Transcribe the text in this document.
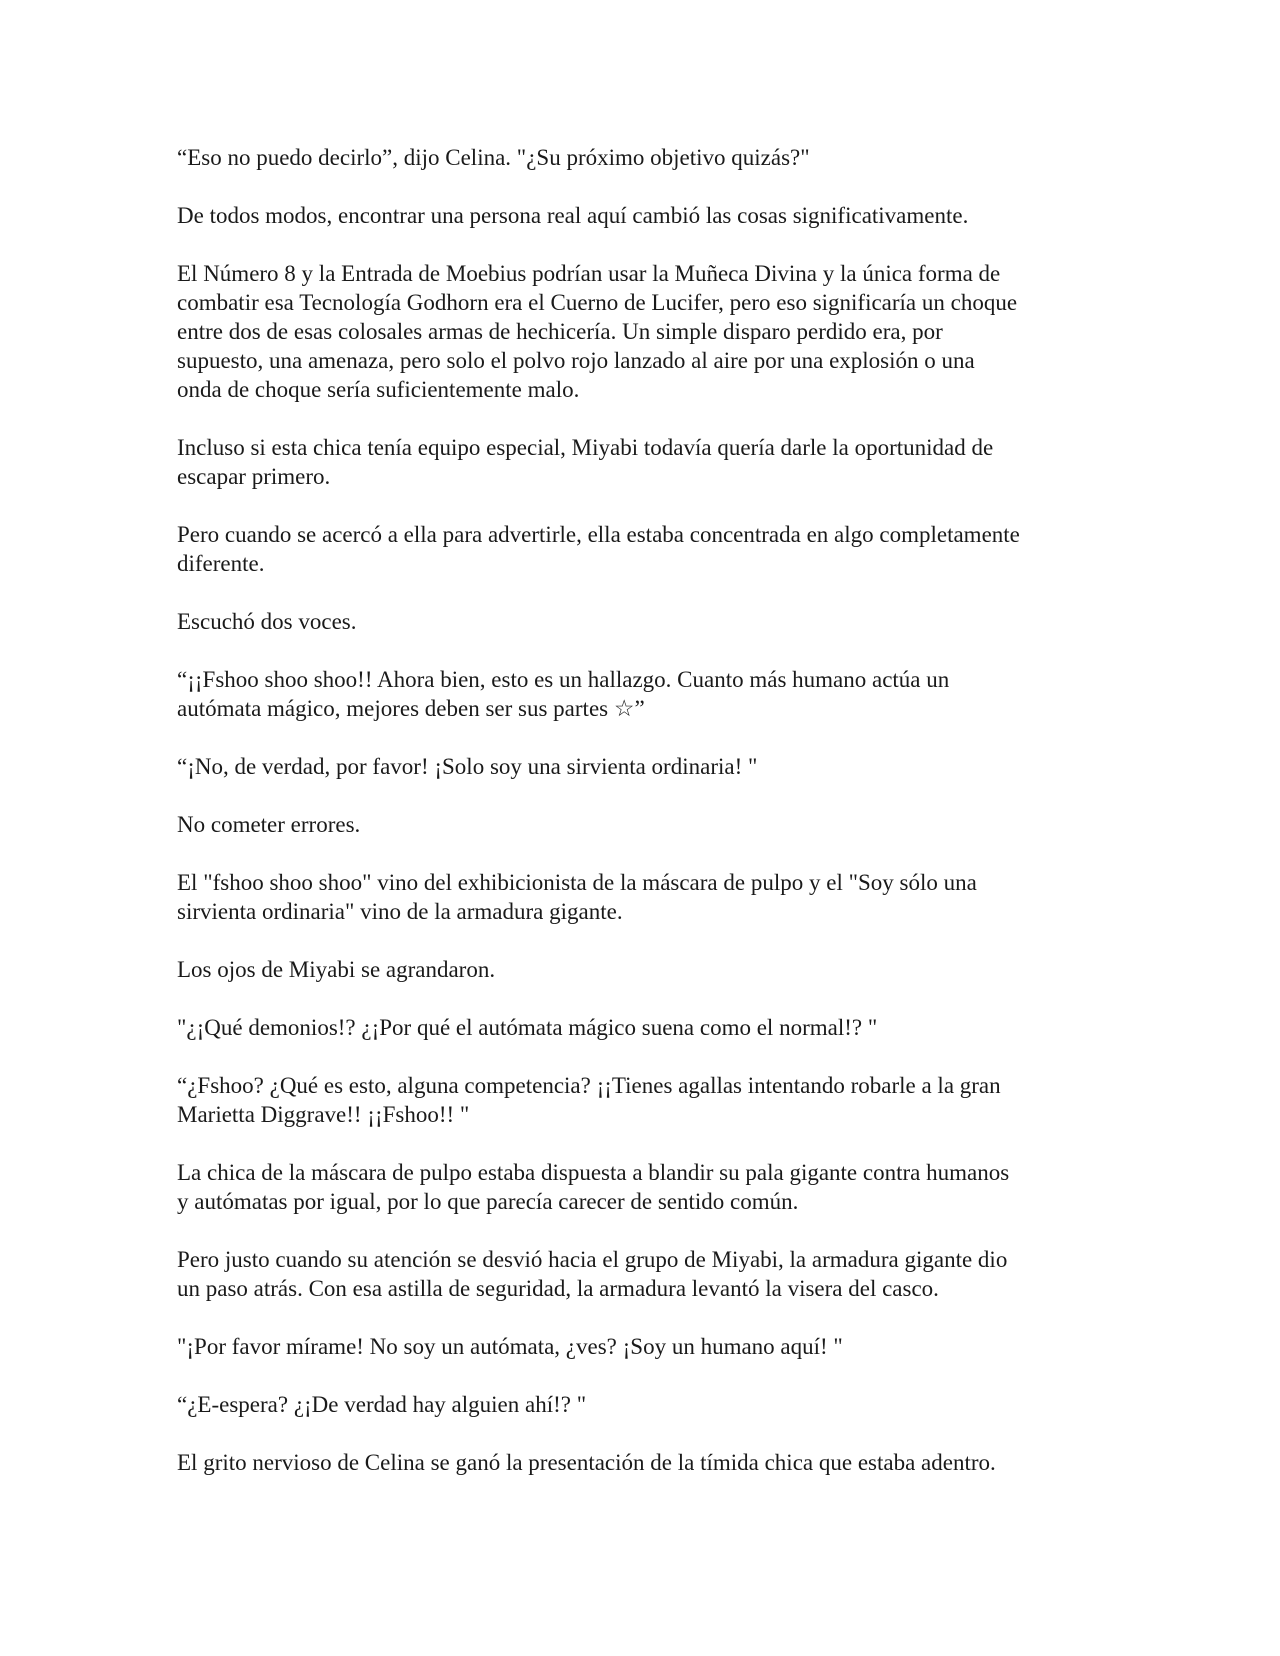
“Eso no puedo decirlo”, dijo Celina. "¿Su próximo objetivo quizás?"

De todos modos, encontrar una persona real aquí cambió las cosas significativamente.

El Número 8 y la Entrada de Moebius podrían usar la Muñeca Divina y la única forma de
combatir esa Tecnología Godhorn era el Cuerno de Lucifer, pero eso significaría un choque
entre dos de esas colosales armas de hechicería. Un simple disparo perdido era, por
supuesto, una amenaza, pero solo el polvo rojo lanzado al aire por una explosión o una
onda de choque sería suficientemente malo.

Incluso si esta chica tenía equipo especial, Miyabi todavía quería darle la oportunidad de
escapar primero.

Pero cuando se acercó a ella para advertirle, ella estaba concentrada en algo completamente
diferente.

Escuchó dos voces.

“¡¡Fshoo shoo shoo!! Ahora bien, esto es un hallazgo. Cuanto más humano actúa un
autómata mágico, mejores deben ser sus partes ☆”

“¡No, de verdad, por favor! ¡Solo soy una sirvienta ordinaria! "

No cometer errores.

El "fshoo shoo shoo" vino del exhibicionista de la máscara de pulpo y el "Soy sólo una
sirvienta ordinaria" vino de la armadura gigante.

Los ojos de Miyabi se agrandaron.

"¿¡Qué demonios!? ¿¡Por qué el autómata mágico suena como el normal!? "

“¿Fshoo? ¿Qué es esto, alguna competencia? ¡¡Tienes agallas intentando robarle a la gran
Marietta Diggrave!! ¡¡Fshoo!! "

La chica de la máscara de pulpo estaba dispuesta a blandir su pala gigante contra humanos
y autómatas por igual, por lo que parecía carecer de sentido común.

Pero justo cuando su atención se desvió hacia el grupo de Miyabi, la armadura gigante dio
un paso atrás. Con esa astilla de seguridad, la armadura levantó la visera del casco.

"¡Por favor mírame! No soy un autómata, ¿ves? ¡Soy un humano aquí! "

“¿E-espera? ¿¡De verdad hay alguien ahí!? "

El grito nervioso de Celina se ganó la presentación de la tímida chica que estaba adentro.
